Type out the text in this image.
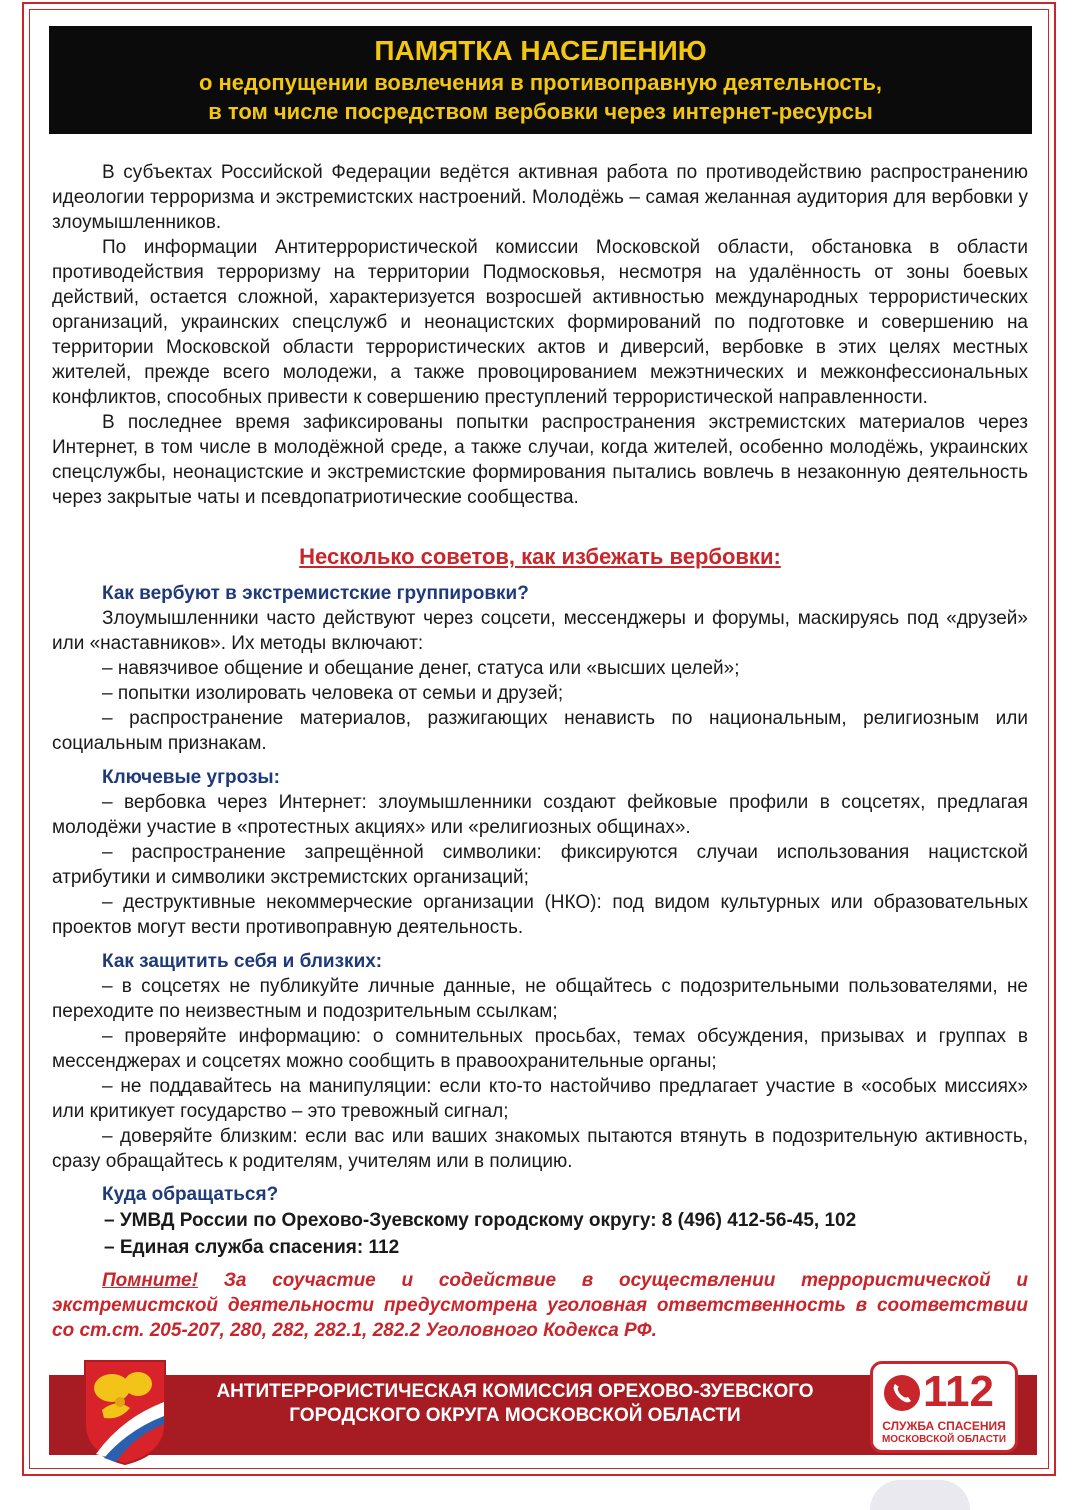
ПАМЯТКА НАСЕЛЕНИЮ
о недопущении вовлечения в противоправную деятельность,
в том числе посредством вербовки через интернет-ресурсы

В субъектах Российской Федерации ведётся активная работа по противодействию распространению идеологии терроризма и экстремистских настроений. Молодёжь – самая желанная аудитория для вербовки у злоумышленников.

По информации Антитеррористической комиссии Московской области, обстановка в области противодействия терроризму на территории Подмосковья, несмотря на удалённость от зоны боевых действий, остается сложной, характеризуется возросшей активностью международных террористических организаций, украинских спецслужб и неонацистских формирований по подготовке и совершению на территории Московской области террористических актов и диверсий, вербовке в этих целях местных жителей, прежде всего молодежи, а также провоцированием межэтнических и межконфессиональных конфликтов, способных привести к совершению преступлений террористической направленности.

В последнее время зафиксированы попытки распространения экстремистских материалов через Интернет, в том числе в молодёжной среде, а также случаи, когда жителей, особенно молодёжь, украинских спецслужбы, неонацистские и экстремистские формирования пытались вовлечь в незаконную деятельность через закрытые чаты и псевдопатриотические сообщества.

Несколько советов, как избежать вербовки:
Как вербуют в экстремистские группировки?

Злоумышленники часто действуют через соцсети, мессенджеры и форумы, маскируясь под «друзей» или «наставников». Их методы включают:

– навязчивое общение и обещание денег, статуса или «высших целей»;

– попытки изолировать человека от семьи и друзей;

– распространение материалов, разжигающих ненависть по национальным, религиозным или социальным признакам.

Ключевые угрозы:

– вербовка через Интернет: злоумышленники создают фейковые профили в соцсетях, предлагая молодёжи участие в «протестных акциях» или «религиозных общинах».

– распространение запрещённой символики: фиксируются случаи использования нацистской атрибутики и символики экстремистских организаций;

– деструктивные некоммерческие организации (НКО): под видом культурных или образовательных проектов могут вести противоправную деятельность.

Как защитить себя и близких:

– в соцсетях не публикуйте личные данные, не общайтесь с подозрительными пользователями, не переходите по неизвестным и подозрительным ссылкам;

– проверяйте информацию: о сомнительных просьбах, темах обсуждения, призывах и группах в мессенджерах и соцсетях можно сообщить в правоохранительные органы;

– не поддавайтесь на манипуляции: если кто-то настойчиво предлагает участие в «особых миссиях» или критикует государство – это тревожный сигнал;

– доверяйте близким: если вас или ваших знакомых пытаются втянуть в подозрительную активность, сразу обращайтесь к родителям, учителям или в полицию.

Куда обращаться?
– УМВД России по Орехово-Зуевскому городскому округу: 8 (496) 412-56-45, 102
– Единая служба спасения: 112
Помните! За соучастие и содействие в осуществлении террористической и экстремистской деятельности предусмотрена уголовная ответственность в соответствии со ст.ст. 205-207, 280, 282, 282.1, 282.2 Уголовного Кодекса РФ.
АНТИТЕРРОРИСТИЧЕСКАЯ КОМИССИЯ ОРЕХОВО-ЗУЕВСКОГО
ГОРОДСКОГО ОКРУГА МОСКОВСКОЙ ОБЛАСТИ	112
СЛУЖБА СПАСЕНИЯ
МОСКОВСКОЙ ОБЛАСТИ
